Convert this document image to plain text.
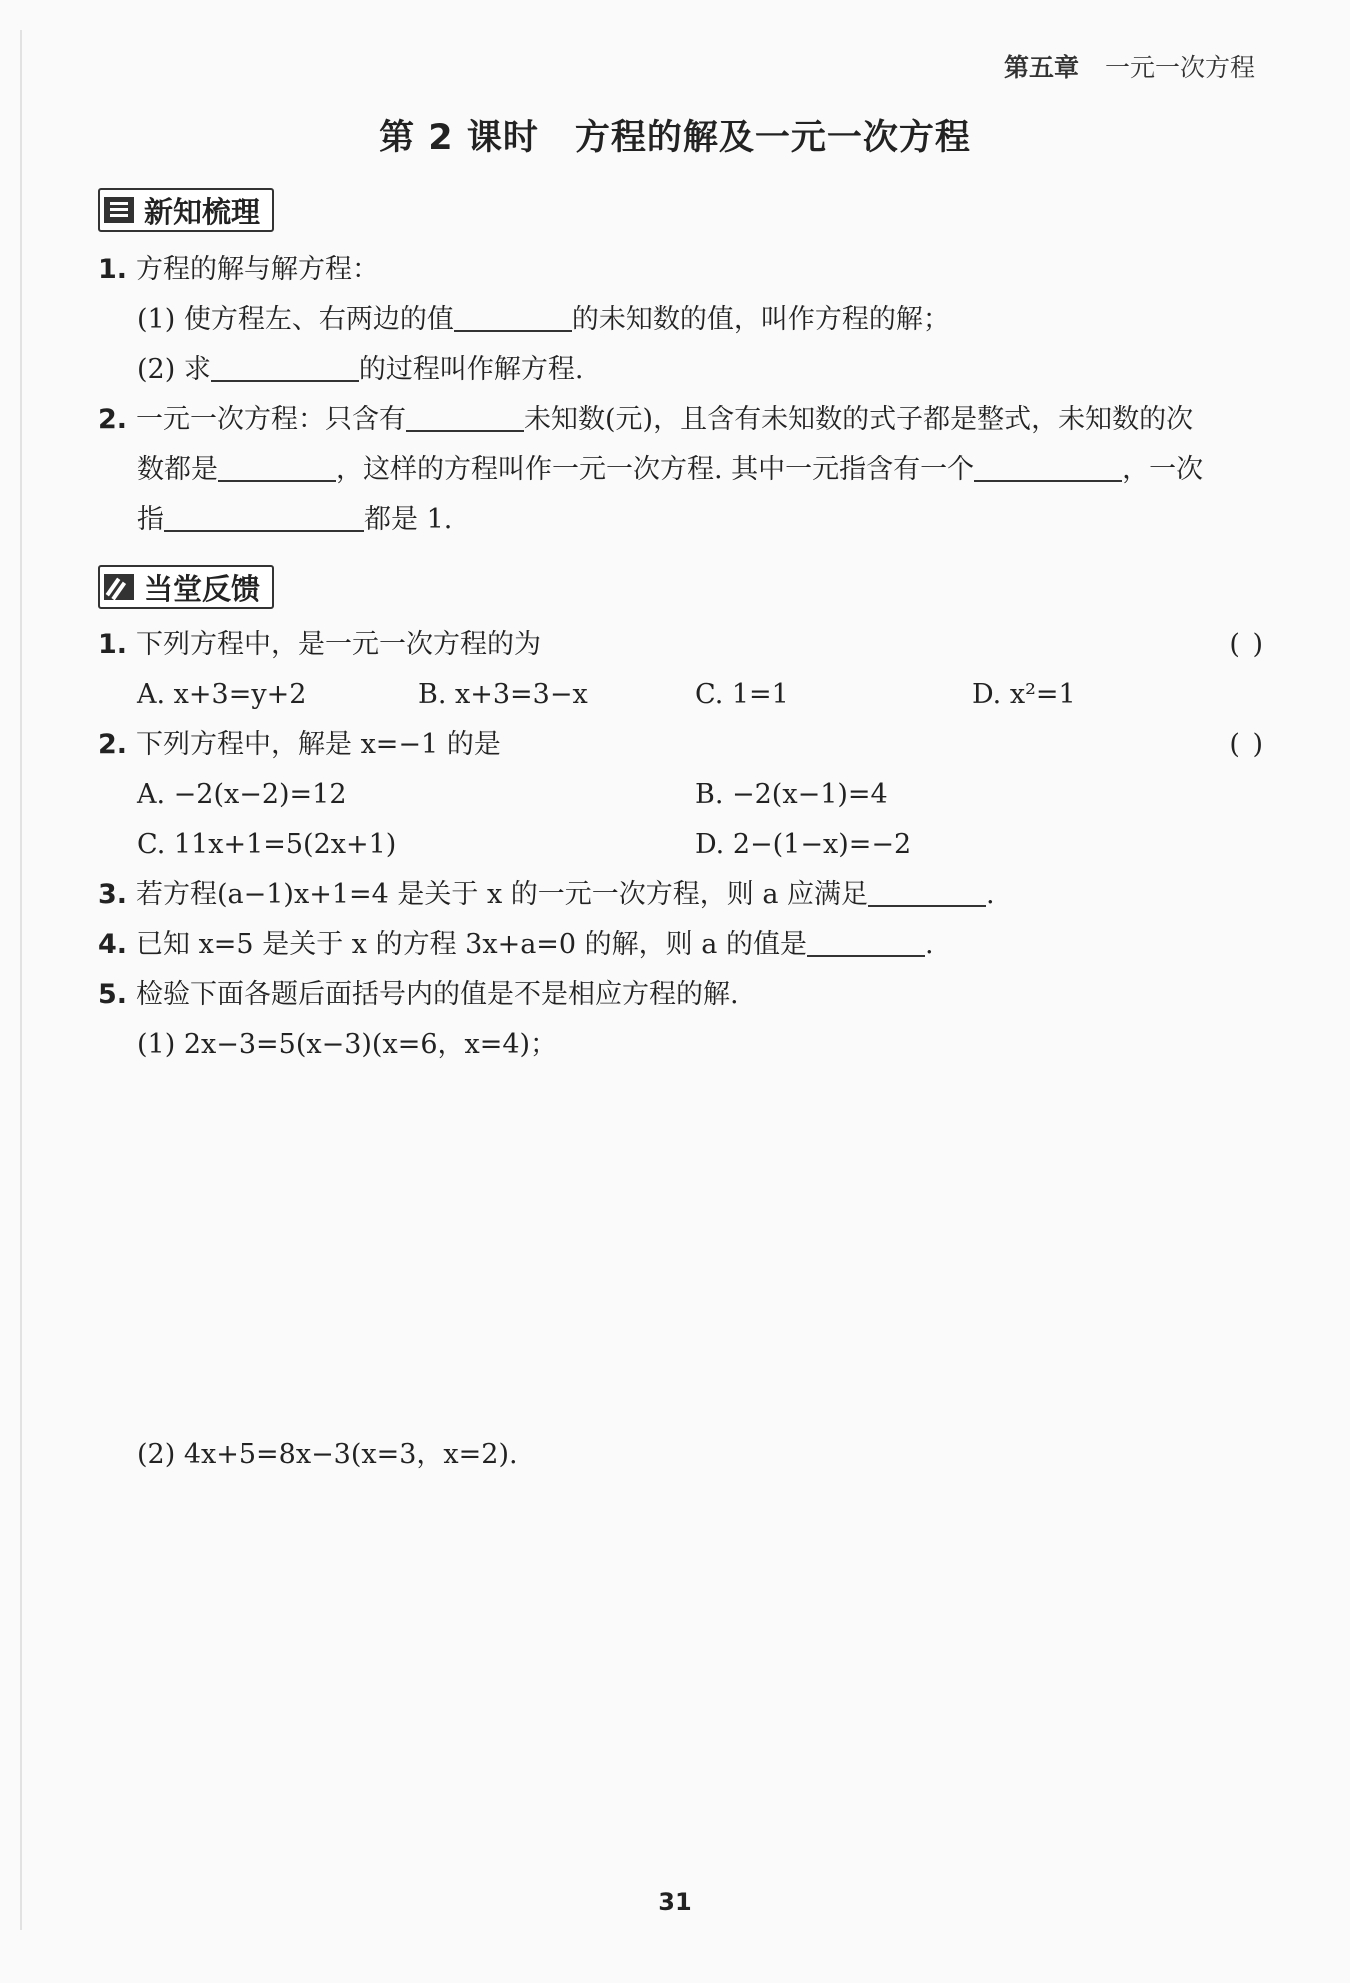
第五章 一元一次方程
第 2 课时 方程的解及一元一次方程
新知梳理
1. 方程的解与解方程：
(1) 使方程左、右两边的值	的未知数的值，叫作方程的解；
(2) 求	的过程叫作解方程.
2. 一元一次方程：只含有	未知数(元)，且含有未知数的式子都是整式，未知数的次
数都是	，这样的方程叫作一元一次方程. 其中一元指含有一个	，一次
指	都是 1.
当堂反馈
1. 下列方程中，是一元一次方程的为	( )
A. x+3=y+2	B. x+3=3−x	C. 1=1	D. x²=1
2. 下列方程中，解是 x=−1 的是	( )
A. −2(x−2)=12	B. −2(x−1)=4
C. 11x+1=5(2x+1)	D. 2−(1−x)=−2
3. 若方程(a−1)x+1=4 是关于 x 的一元一次方程，则 a 应满足	.
4. 已知 x=5 是关于 x 的方程 3x+a=0 的解，则 a 的值是	.
5. 检验下面各题后面括号内的值是不是相应方程的解.
(1) 2x−3=5(x−3)(x=6，x=4)；
(2) 4x+5=8x−3(x=3，x=2).
31
